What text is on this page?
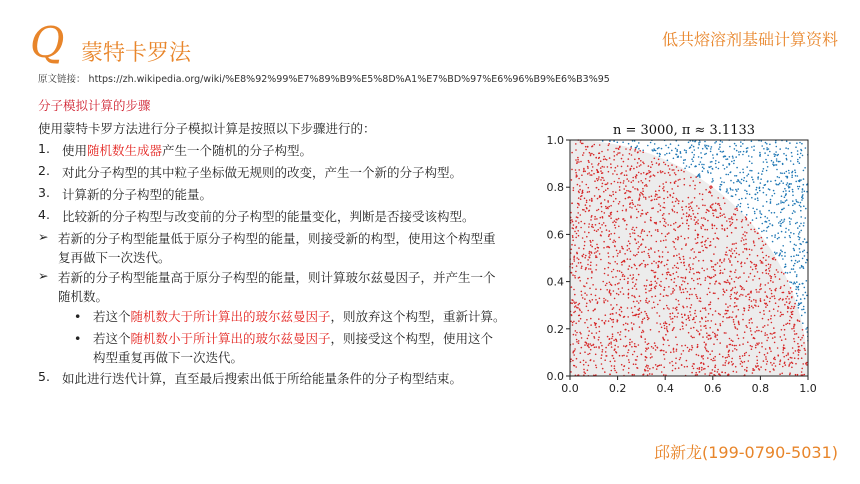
Q 蒙特卡罗法
低共熔溶剂基础计算资料
原文链接： https://zh.wikipedia.org/wiki/%E8%92%99%E7%89%B9%E5%8D%A1%E7%BD%97%E6%96%B9%E6%B3%95
分子模拟计算的步骤
使用蒙特卡罗方法进行分子模拟计算是按照以下步骤进行的：
1. 使用随机数生成器产生一个随机的分子构型。
2. 对此分子构型的其中粒子坐标做无规则的改变，产生一个新的分子构型。
3. 计算新的分子构型的能量。
4. 比较新的分子构型与改变前的分子构型的能量变化，判断是否接受该构型。
➢ 若新的分子构型能量低于原分子构型的能量，则接受新的构型，使用这个构型重
复再做下一次迭代。
➢ 若新的分子构型能量高于原分子构型的能量，则计算玻尔兹曼因子，并产生一个
随机数。
• 若这个随机数大于所计算出的玻尔兹曼因子，则放弃这个构型，重新计算。
• 若这个随机数小于所计算出的玻尔兹曼因子，则接受这个构型，使用这个
构型重复再做下一次迭代。
5. 如此进行迭代计算，直至最后搜索出低于所给能量条件的分子构型结束。
n = 3000, π ≈ 3.1133
0.0	0.2	0.4	0.6	0.8	1.0
0.0
0.2
0.4
0.6
0.8
1.0
邱新龙(199-0790-5031)
